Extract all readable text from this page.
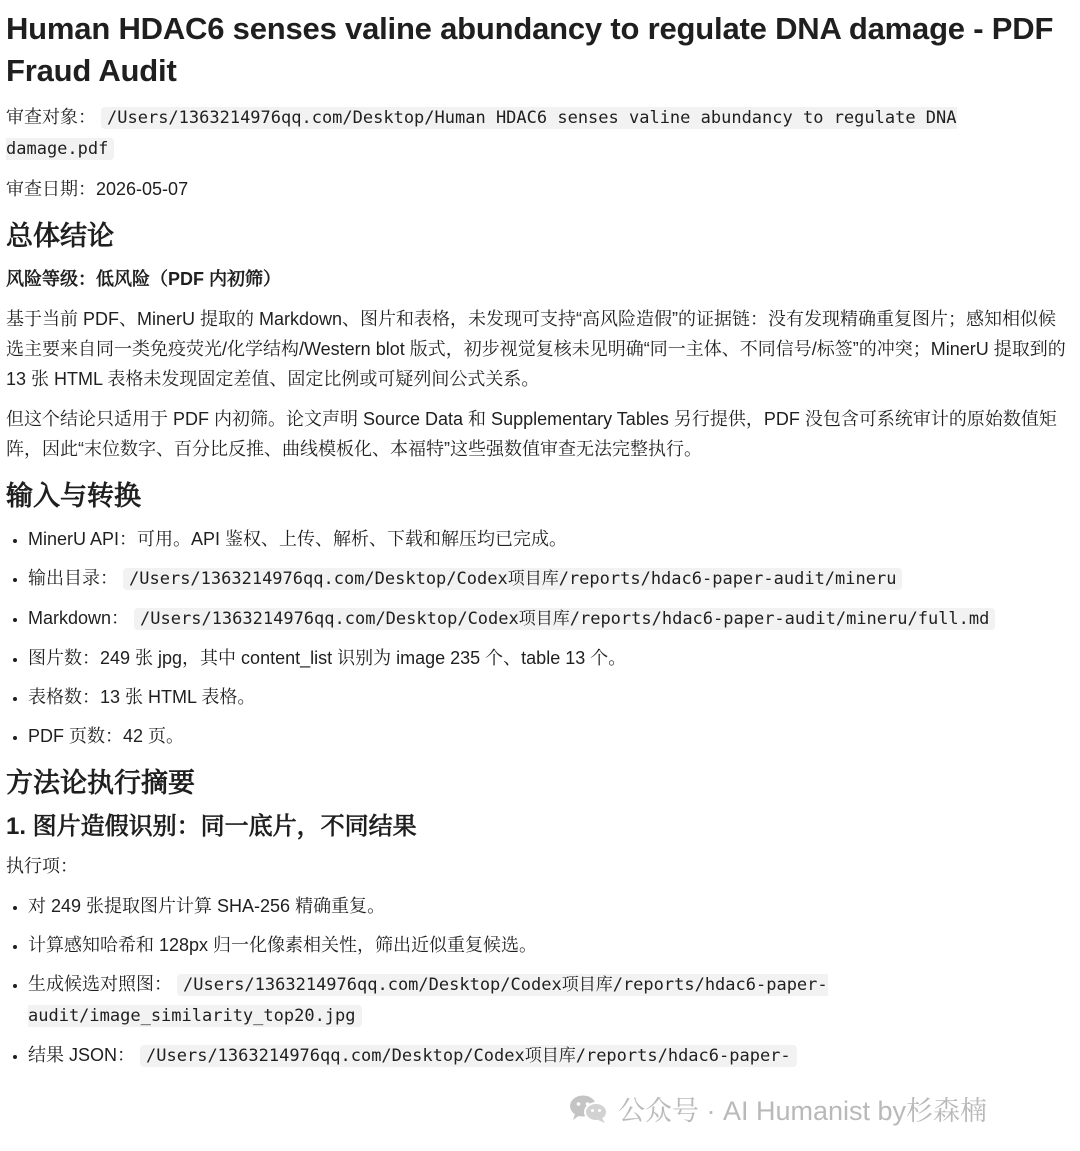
Human HDAC6 senses valine abundancy to regulate DNA damage - PDF Fraud Audit

审查对象： /Users/1363214976qq.com/Desktop/Human HDAC6 senses valine abundancy to regulate DNA damage.pdf

审查日期：2026-05-07

总体结论

风险等级：低风险（PDF 内初筛）

基于当前 PDF、MinerU 提取的 Markdown、图片和表格，未发现可支持“高风险造假”的证据链：没有发现精确重复图片；感知相似候选主要来自同一类免疫荧光/化学结构/Western blot 版式，初步视觉复核未见明确“同一主体、不同信号/标签”的冲突；MinerU 提取到的 13 张 HTML 表格未发现固定差值、固定比例或可疑列间公式关系。

但这个结论只适用于 PDF 内初筛。论文声明 Source Data 和 Supplementary Tables 另行提供，PDF 没包含可系统审计的原始数值矩阵，因此“末位数字、百分比反推、曲线模板化、本福特”这些强数值审查无法完整执行。

输入与转换
• MinerU API：可用。API 鉴权、上传、解析、下载和解压均已完成。
• 输出目录： /Users/1363214976qq.com/Desktop/Codex项目库/reports/hdac6-paper-audit/mineru
• Markdown： /Users/1363214976qq.com/Desktop/Codex项目库/reports/hdac6-paper-audit/mineru/full.md
• 图片数：249 张 jpg，其中 content_list 识别为 image 235 个、table 13 个。
• 表格数：13 张 HTML 表格。
• PDF 页数：42 页。
方法论执行摘要
1. 图片造假识别：同一底片，不同结果

执行项：

• 对 249 张提取图片计算 SHA-256 精确重复。
• 计算感知哈希和 128px 归一化像素相关性，筛出近似重复候选。
• 生成候选对照图： /Users/1363214976qq.com/Desktop/Codex项目库/reports/hdac6-paper-audit/image_similarity_top20.jpg
• 结果 JSON： /Users/1363214976qq.com/Desktop/Codex项目库/reports/hdac6-paper-
公众号 · AI Humanist by杉森楠
